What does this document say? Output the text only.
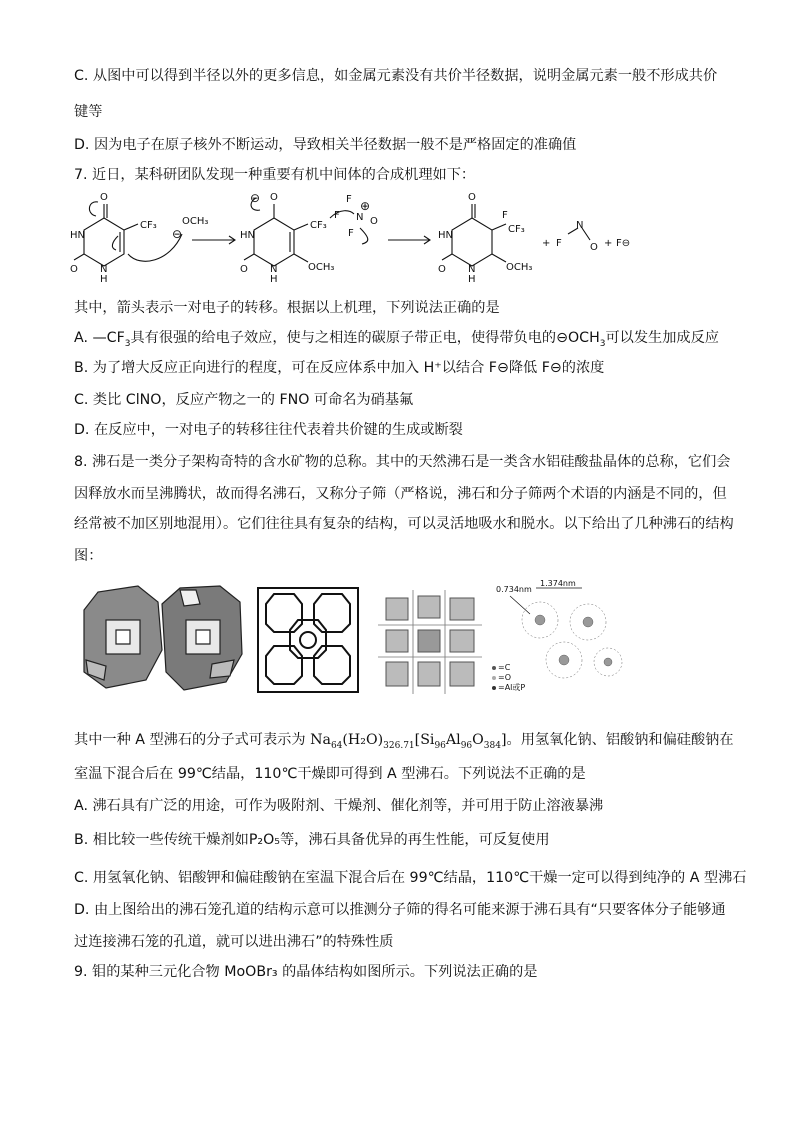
C. 从图中可以得到半径以外的更多信息，如金属元素没有共价半径数据，说明金属元素一般不形成共价
键等
D. 因为电子在原子核外不断运动，导致相关半径数据一般不是严格固定的准确值
7. 近日，某科研团队发现一种重要有机中间体的合成机理如下：
O
CF₃
HN
O N
H
OCH₃
⊖
⊖ O
CF₃
HN
O N
H
OCH₃
F
F
F
N O
⊕
O
F
CF₃
HN
O N
H
OCH₃
+ F
N
O + F⊖
其中，箭头表示一对电子的转移。根据以上机理，下列说法正确的是
A. $—CF_3$具有很强的给电子效应，使与之相连的碳原子带正电，使得带负电的$⊖OCH_3$可以发生加成反应
B. 为了增大反应正向进行的程度，可在反应体系中加入 H⁺以结合 F⊖降低 F⊖的浓度
C. 类比 ClNO，反应产物之一的 FNO 可命名为硝基氟
D. 在反应中，一对电子的转移往往代表着共价键的生成或断裂
8. 沸石是一类分子架构奇特的含水矿物的总称。其中的天然沸石是一类含水铝硅酸盐晶体的总称，它们会
因释放水而呈沸腾状，故而得名沸石，又称分子筛（严格说，沸石和分子筛两个术语的内涵是不同的，但
经常被不加区别地混用）。它们往往具有复杂的结构，可以灵活地吸水和脱水。以下给出了几种沸石的结构
图：
0.734nm
1.374nm
=C
=O
=Al或P
其中一种 A 型沸石的分子式可表示为 $Na_{64}(H_2O)_{326.71}[Si_{96}Al_{96}O_{384}]$。用氢氧化钠、铝酸钠和偏硅酸钠在
室温下混合后在 99℃结晶，110℃干燥即可得到 A 型沸石。下列说法不正确的是
A. 沸石具有广泛的用途，可作为吸附剂、干燥剂、催化剂等，并可用于防止溶液暴沸
B. 相比较一些传统干燥剂如P₂O₅等，沸石具备优异的再生性能，可反复使用
C. 用氢氧化钠、铝酸钾和偏硅酸钠在室温下混合后在 99℃结晶，110℃干燥一定可以得到纯净的 A 型沸石
D. 由上图给出的沸石笼孔道的结构示意可以推测分子筛的得名可能来源于沸石具有“只要客体分子能够通
过连接沸石笼的孔道，就可以进出沸石”的特殊性质
9. 钼的某种三元化合物 MoOBr₃ 的晶体结构如图所示。下列说法正确的是
